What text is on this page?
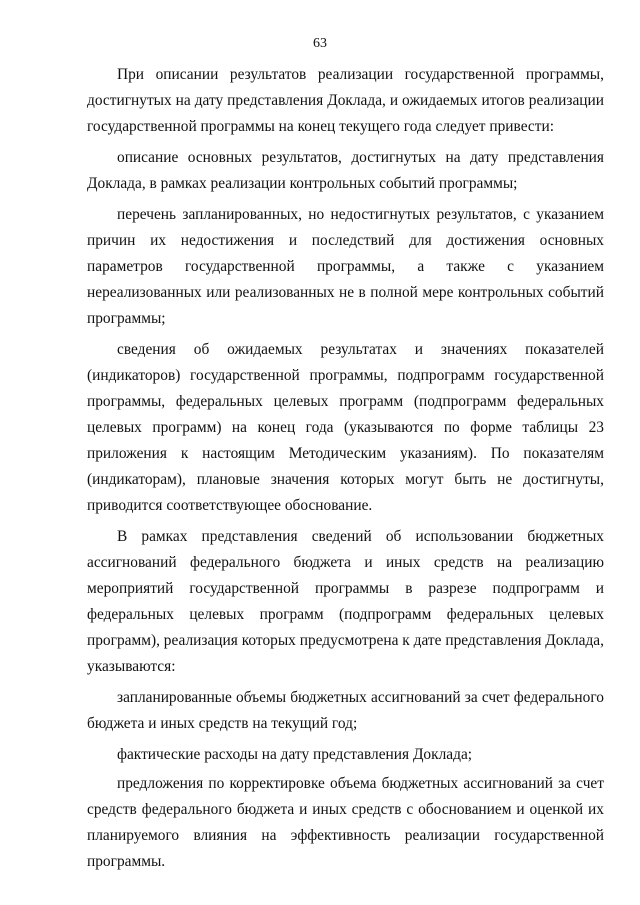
63

При описании результатов реализации государственной программы, достигнутых на дату представления Доклада, и ожидаемых итогов реализации государственной программы на конец текущего года следует привести:

описание основных результатов, достигнутых на дату представления Доклада, в рамках реализации контрольных событий программы;

перечень запланированных, но недостигнутых результатов, с указанием причин их недостижения и последствий для достижения основных параметров государственной программы, а также с указанием нереализованных или реализованных не в полной мере контрольных событий программы;

сведения об ожидаемых результатах и значениях показателей (индикаторов) государственной программы, подпрограмм государственной программы, федеральных целевых программ (подпрограмм федеральных целевых программ) на конец года (указываются по форме таблицы 23 приложения к настоящим Методическим указаниям). По показателям (индикаторам), плановые значения которых могут быть не достигнуты, приводится соответствующее обоснование.

В рамках представления сведений об использовании бюджетных ассигнований федерального бюджета и иных средств на реализацию мероприятий государственной программы в разрезе подпрограмм и федеральных целевых программ (подпрограмм федеральных целевых программ), реализация которых предусмотрена к дате представления Доклада, указываются:

запланированные объемы бюджетных ассигнований за счет федерального бюджета и иных средств на текущий год;

фактические расходы на дату представления Доклада;

предложения по корректировке объема бюджетных ассигнований за счет средств федерального бюджета и иных средств с обоснованием и оценкой их планируемого влияния на эффективность реализации государственной программы.
